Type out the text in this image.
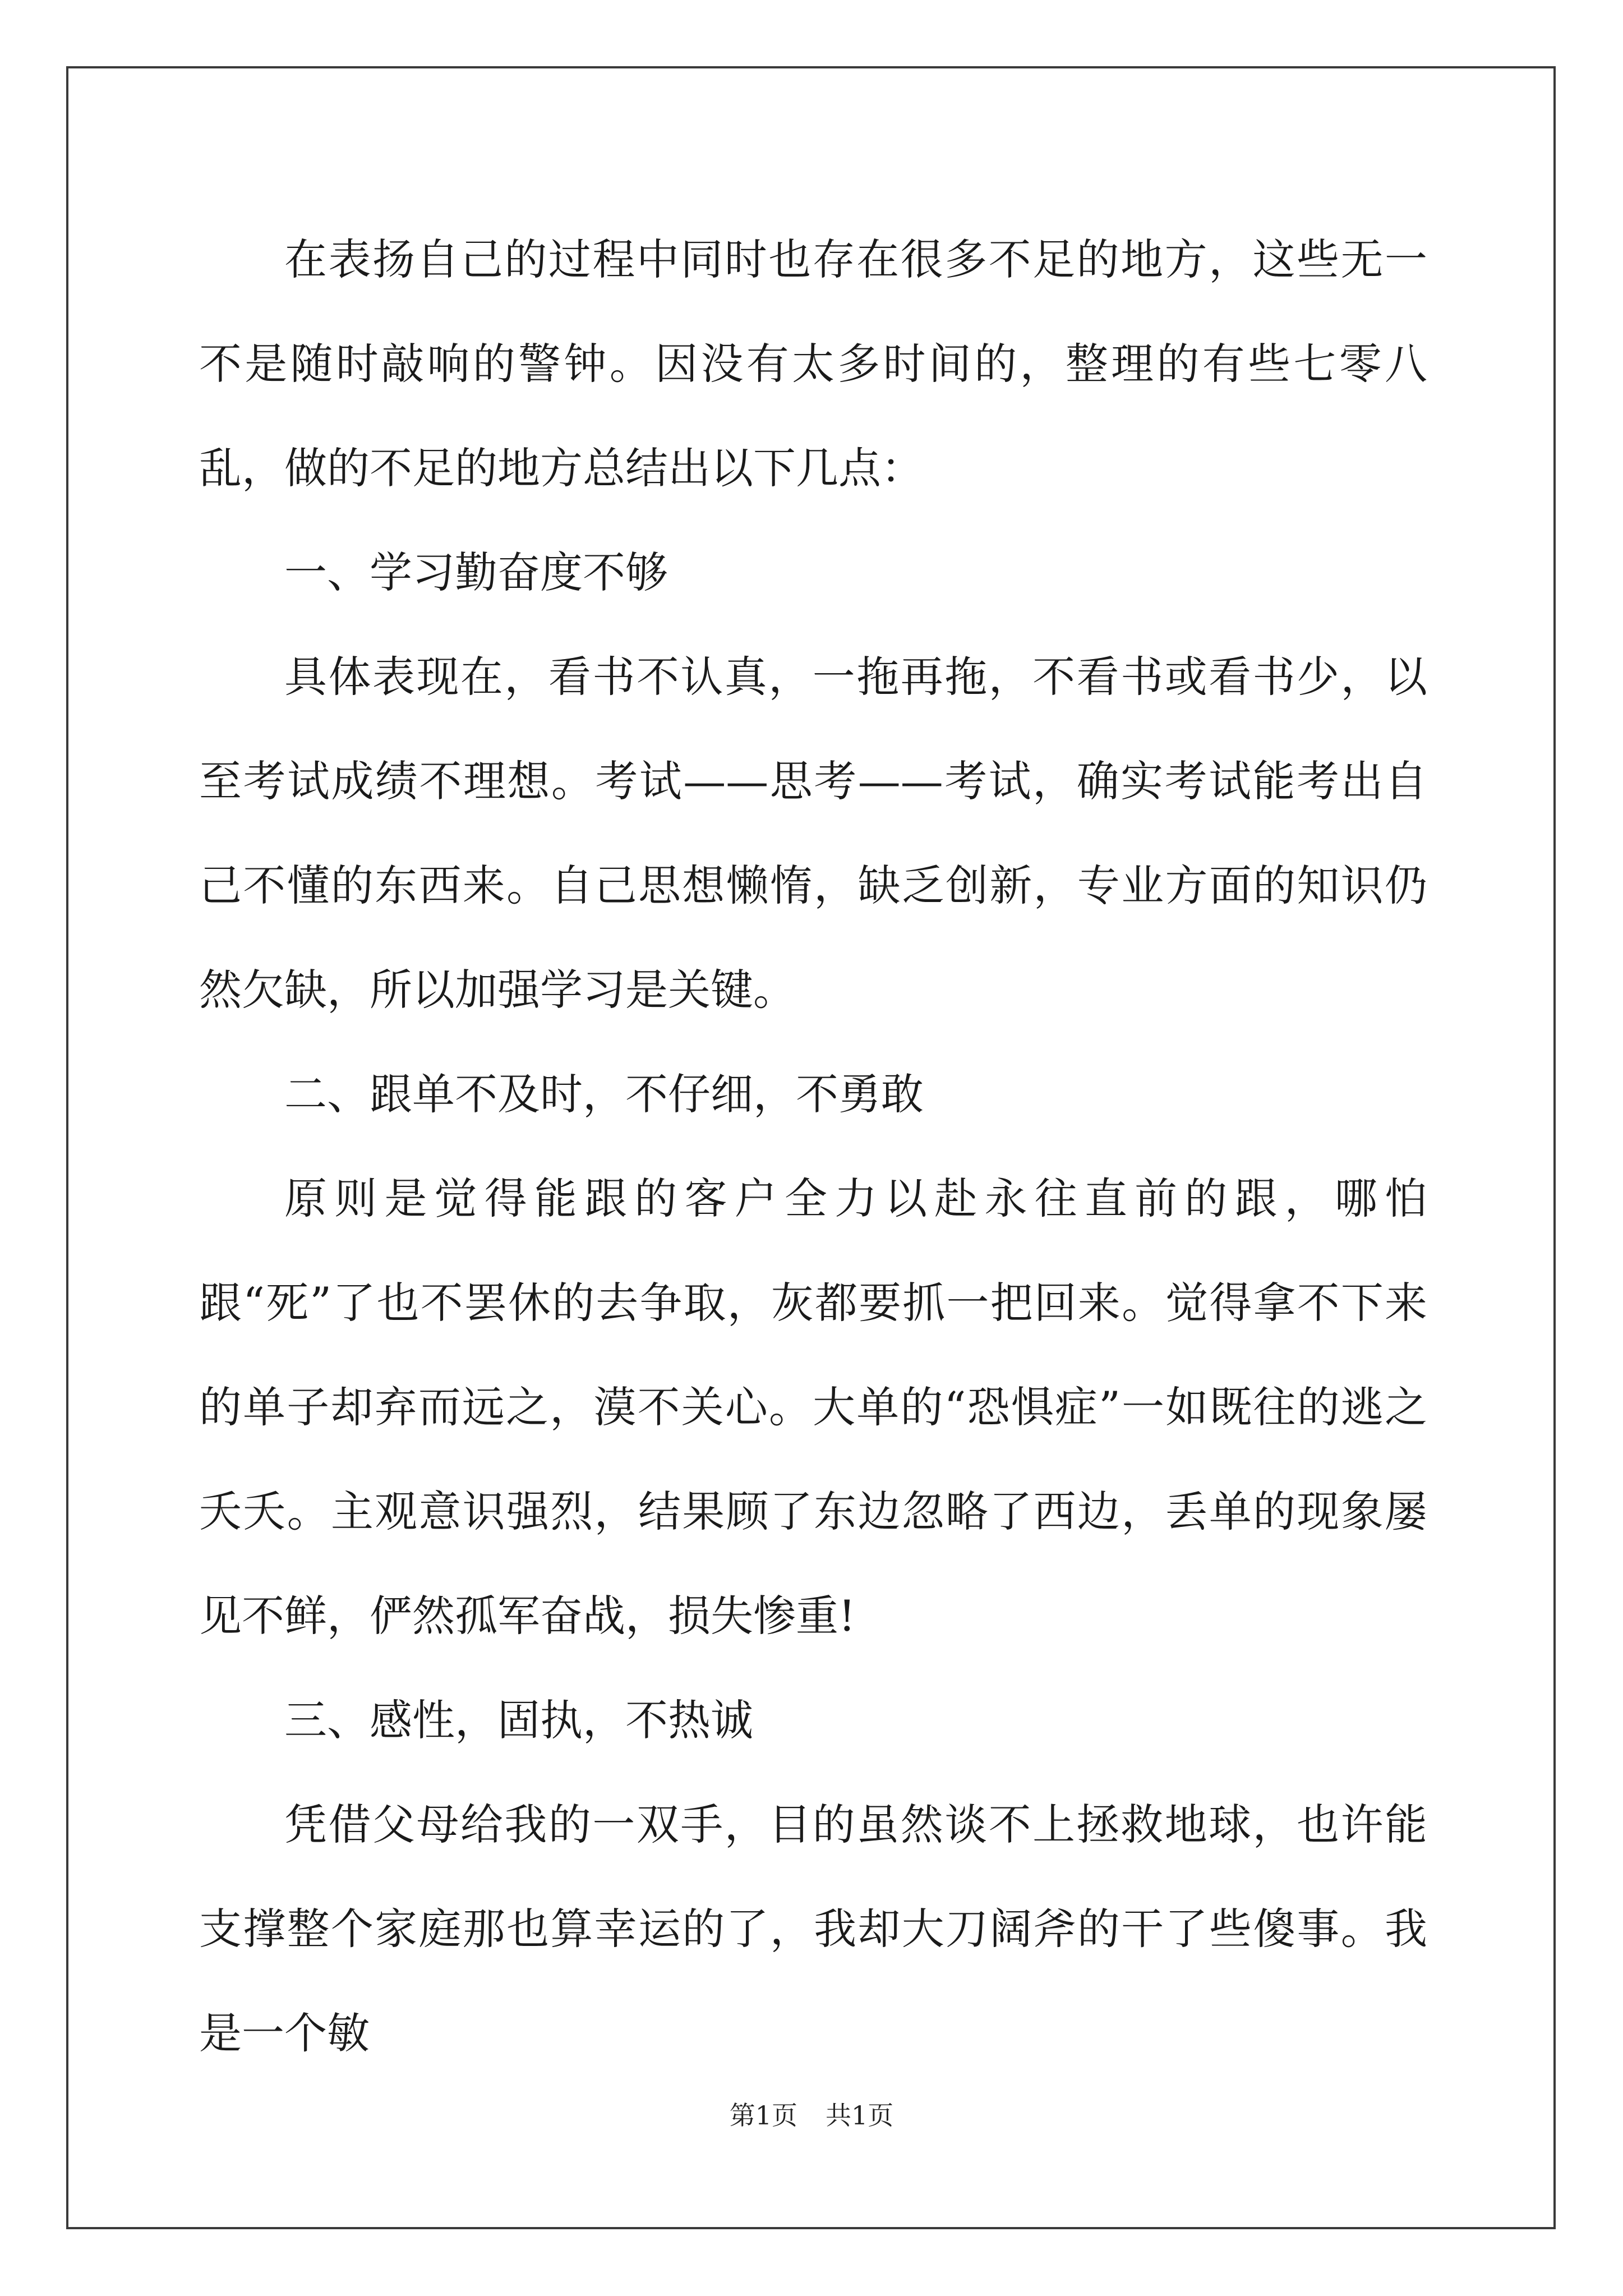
在表扬自己的过程中同时也存在很多不足的地方，这些无一不是随时敲响的警钟。因没有太多时间的，整理的有些七零八乱，做的不足的地方总结出以下几点：

一、学习勤奋度不够

具体表现在，看书不认真，一拖再拖，不看书或看书少，以至考试成绩不理想。考试——思考——考试，确实考试能考出自己不懂的东西来。自己思想懒惰，缺乏创新，专业方面的知识仍然欠缺，所以加强学习是关键。

二、跟单不及时，不仔细，不勇敢

原则是觉得能跟的客户全力以赴永往直前的跟，哪怕跟“死”了也不罢休的去争取，灰都要抓一把回来。觉得拿不下来的单子却弃而远之，漠不关心。大单的“恐惧症”一如既往的逃之夭夭。主观意识强烈，结果顾了东边忽略了西边，丢单的现象屡见不鲜，俨然孤军奋战，损失惨重!

三、感性，固执，不热诚

凭借父母给我的一双手，目的虽然谈不上拯救地球，也许能支撑整个家庭那也算幸运的了，我却大刀阔斧的干了些傻事。我是一个敏

第1页 共1页
